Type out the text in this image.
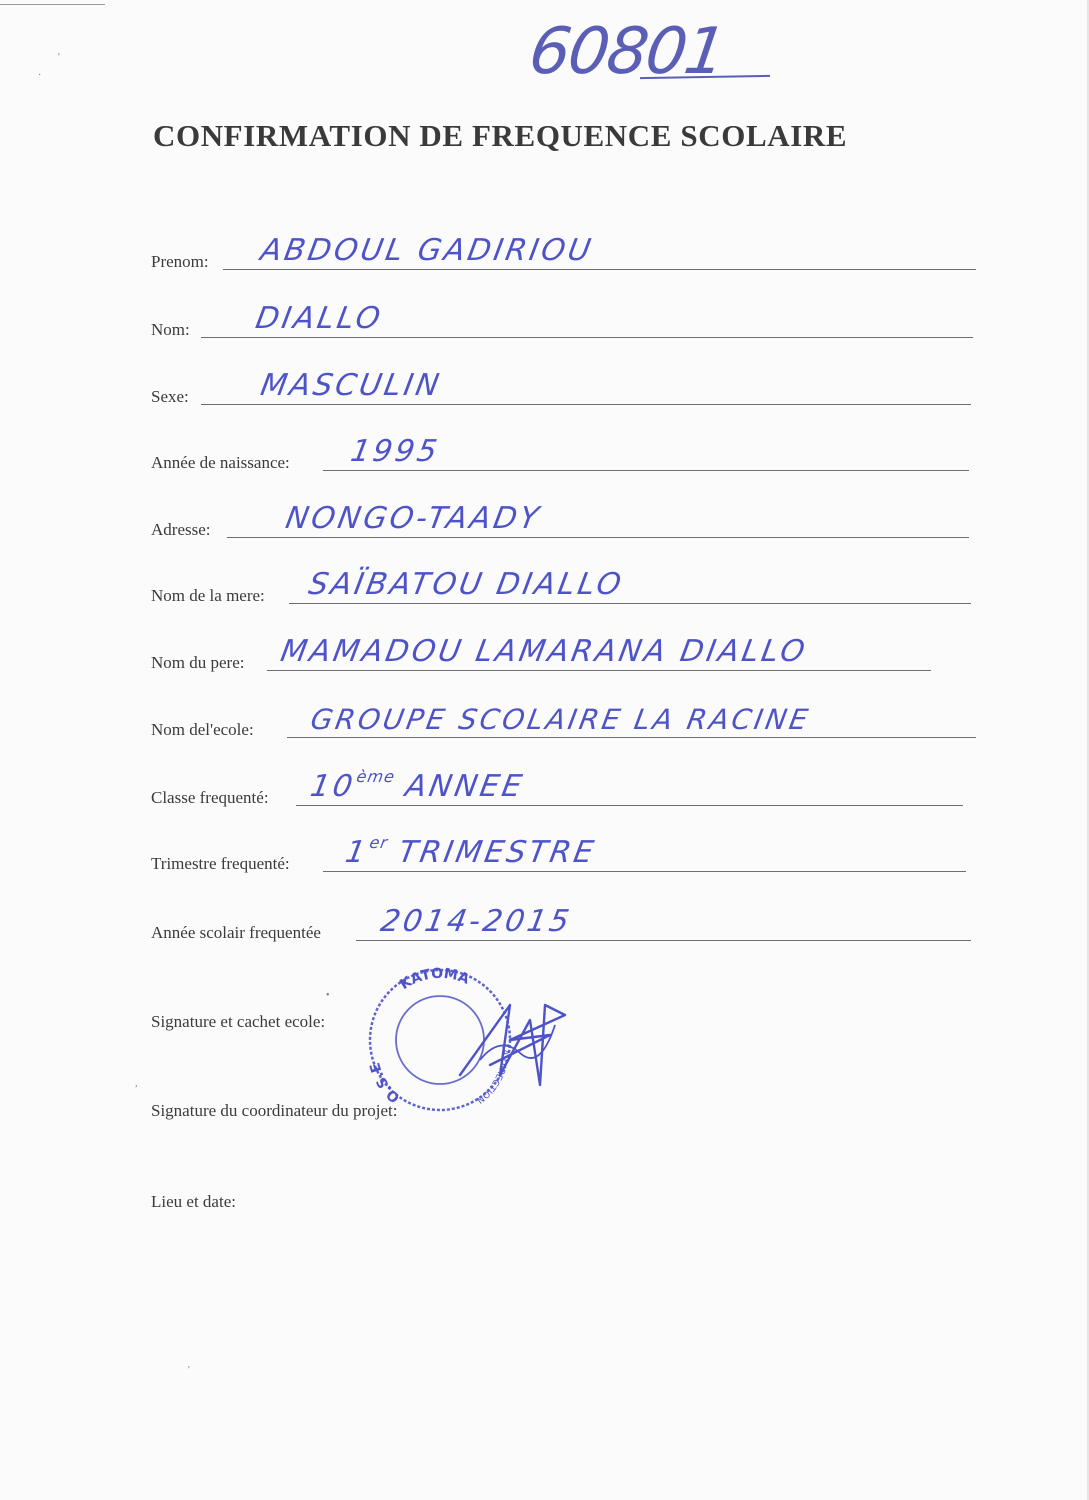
60801
CONFIRMATION DE FREQUENCE SCOLAIRE
Prenom: ABDOUL GADIRIOU
Nom: DIALLO
Sexe: MASCULIN
Année de naissance: 1995
Adresse: NONGO-TAADY
Nom de la mere: SAÏBATOU DIALLO
Nom du pere: MAMADOU LAMARANA DIALLO
Nom del'ecole: GROUPE SCOLAIRE LA RACINE
Classe frequenté: 10ème ANNEE
Trimestre frequenté: 1er TRIMESTRE
Année scolair frequentée 2014-2015
Signature et cachet ecole:
Signature du coordinateur du projet:
Lieu et date:
KATOMA
O.S.E
LA DIRECTION
·
'
,
'
•
